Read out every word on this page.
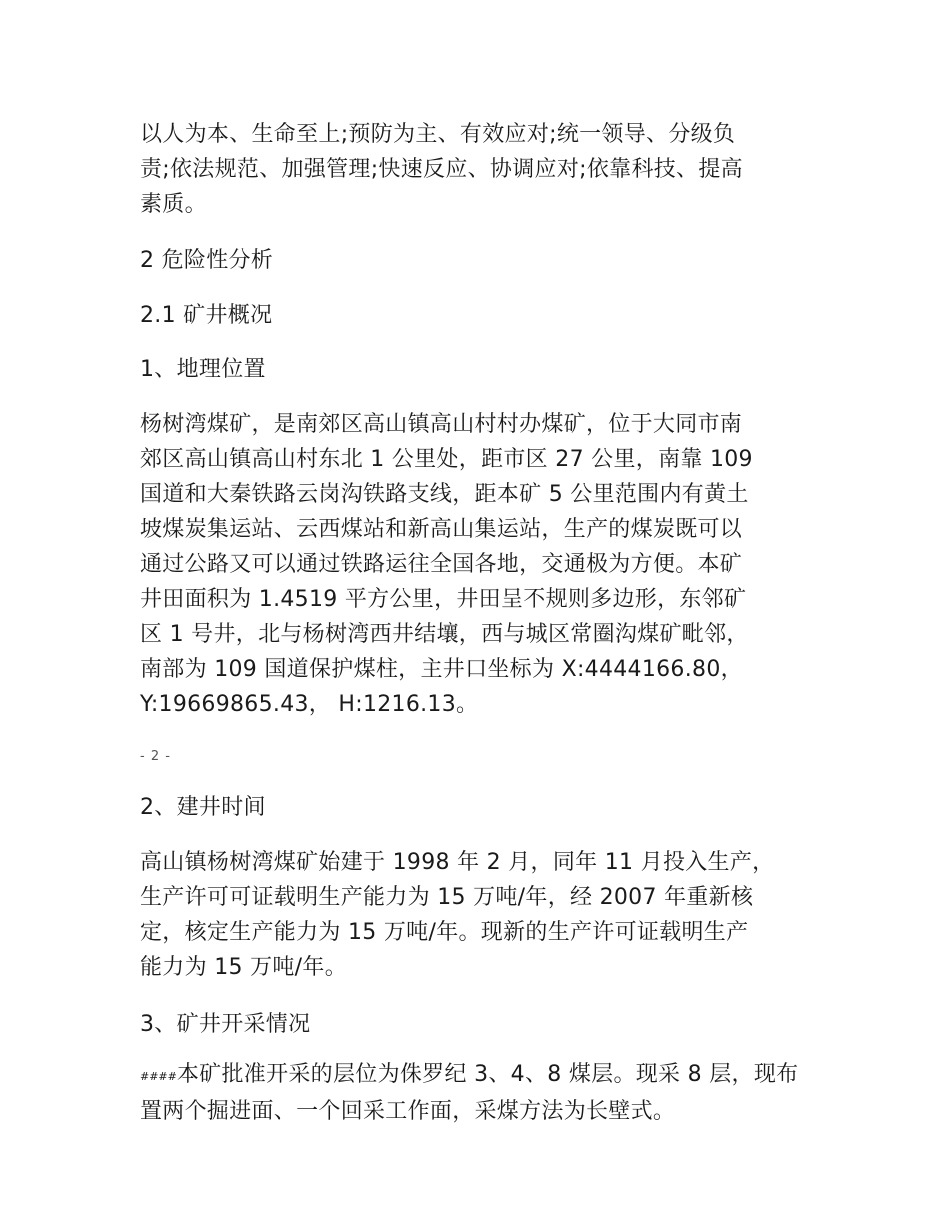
以人为本、生命至上;预防为主、有效应对;统一领导、分级负
责;依法规范、加强管理;快速反应、协调应对;依靠科技、提高
素质。
2 危险性分析
2.1 矿井概况
1、地理位置
杨树湾煤矿，是南郊区高山镇高山村村办煤矿，位于大同市南
郊区高山镇高山村东北 1 公里处，距市区 27 公里，南靠 109
国道和大秦铁路云岗沟铁路支线，距本矿 5 公里范围内有黄土
坡煤炭集运站、云西煤站和新高山集运站，生产的煤炭既可以
通过公路又可以通过铁路运往全国各地，交通极为方便。本矿
井田面积为 1.4519 平方公里，井田呈不规则多边形，东邻矿
区 1 号井，北与杨树湾西井结壤，西与城区常圈沟煤矿毗邻，
南部为 109 国道保护煤柱，主井口坐标为 X:4444166.80，
Y:19669865.43， H:1216.13。
- 2 -
2、建井时间
高山镇杨树湾煤矿始建于 1998 年 2 月，同年 11 月投入生产，
生产许可可证载明生产能力为 15 万吨/年，经 2007 年重新核
定，核定生产能力为 15 万吨/年。现新的生产许可证载明生产
能力为 15 万吨/年。
3、矿井开采情况
####本矿批准开采的层位为侏罗纪 3、4、8 煤层。现采 8 层，现布
置两个掘进面、一个回采工作面，采煤方法为长壁式。
